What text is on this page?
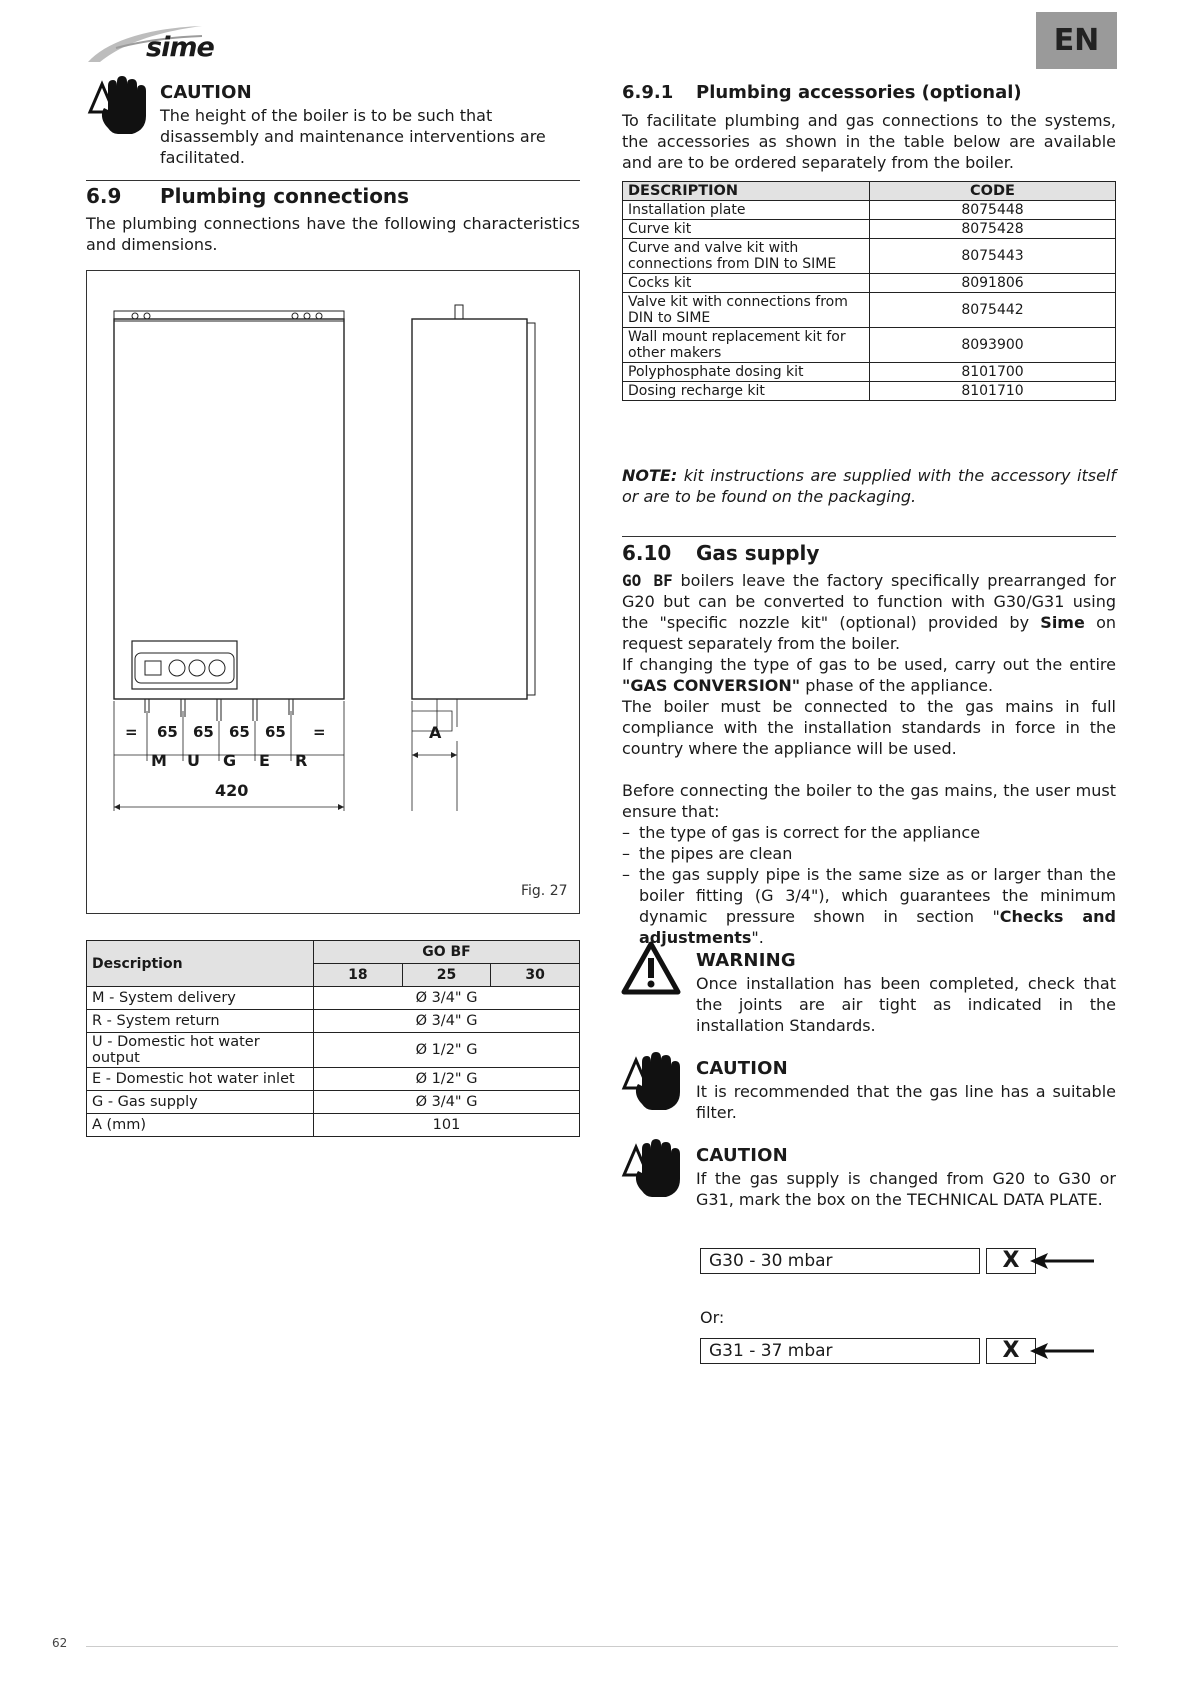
sime	EN
CAUTION
The height of the boiler is to be such that disassembly and maintenance interventions are facilitated.
6.9 Plumbing connections
The plumbing connections have the following characteristics and dimensions.
= 65 65 65 65 =
M U G E R
420
A
Fig. 27
Description	GO BF		
	18	25	30
M - System delivery	Ø 3/4" G		
R - System return	Ø 3/4" G		
U - Domestic hot water output	Ø 1/2" G		
E - Domestic hot water inlet	Ø 1/2" G		
G - Gas supply	Ø 3/4" G		
A (mm)	101		
6.9.1 Plumbing accessories (optional)
To facilitate plumbing and gas connections to the systems, the accessories as shown in the table below are available and are to be ordered separately from the boiler.
DESCRIPTION	CODE
Installation plate	8075448
Curve kit	8075428
Curve and valve kit with connections from DIN to SIME	8075443
Cocks kit	8091806
Valve kit with connections from DIN to SIME	8075442
Wall mount replacement kit for other makers	8093900
Polyphosphate dosing kit	8101700
Dosing recharge kit	8101710
NOTE: kit instructions are supplied with the accessory itself or are to be found on the packaging.
6.10 Gas supply
GO BF boilers leave the factory specifically prearranged for G20 but can be converted to function with G30/G31 using the "specific nozzle kit" (optional) provided by Sime on request separately from the boiler.
If changing the type of gas to be used, carry out the entire "GAS CONVERSION" phase of the appliance.
The boiler must be connected to the gas mains in full compliance with the installation standards in force in the country where the appliance will be used.
Before connecting the boiler to the gas mains, the user must ensure that:
– the type of gas is correct for the appliance
– the pipes are clean
– the gas supply pipe is the same size as or larger than the boiler fitting (G 3/4"), which guarantees the minimum dynamic pressure shown in section "Checks and adjustments".
WARNING
Once installation has been completed, check that the joints are air tight as indicated in the installation Standards.
CAUTION
It is recommended that the gas line has a suitable filter.
CAUTION
If the gas supply is changed from G20 to G30 or G31, mark the box on the TECHNICAL DATA PLATE.
G30 - 30 mbar	X
Or:
G31 - 37 mbar	X
62
